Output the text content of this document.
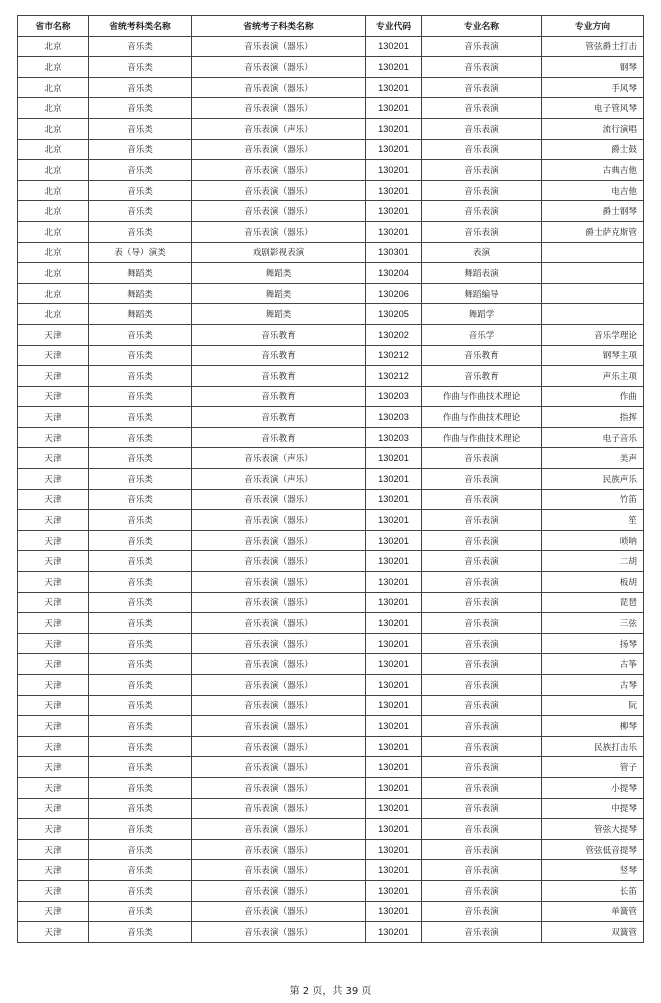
省市名称	省统考科类名称	省统考子科类名称	专业代码	专业名称	专业方向
北京	音乐类	音乐表演（器乐）	130201	音乐表演	管弦爵士打击
北京	音乐类	音乐表演（器乐）	130201	音乐表演	钢琴
北京	音乐类	音乐表演（器乐）	130201	音乐表演	手风琴
北京	音乐类	音乐表演（器乐）	130201	音乐表演	电子管风琴
北京	音乐类	音乐表演（声乐）	130201	音乐表演	流行演唱
北京	音乐类	音乐表演（器乐）	130201	音乐表演	爵士鼓
北京	音乐类	音乐表演（器乐）	130201	音乐表演	古典吉他
北京	音乐类	音乐表演（器乐）	130201	音乐表演	电吉他
北京	音乐类	音乐表演（器乐）	130201	音乐表演	爵士钢琴
北京	音乐类	音乐表演（器乐）	130201	音乐表演	爵士萨克斯管
北京	表（导）演类	戏剧影视表演	130301	表演	
北京	舞蹈类	舞蹈类	130204	舞蹈表演	
北京	舞蹈类	舞蹈类	130206	舞蹈编导	
北京	舞蹈类	舞蹈类	130205	舞蹈学	
天津	音乐类	音乐教育	130202	音乐学	音乐学理论
天津	音乐类	音乐教育	130212	音乐教育	钢琴主项
天津	音乐类	音乐教育	130212	音乐教育	声乐主项
天津	音乐类	音乐教育	130203	作曲与作曲技术理论	作曲
天津	音乐类	音乐教育	130203	作曲与作曲技术理论	指挥
天津	音乐类	音乐教育	130203	作曲与作曲技术理论	电子音乐
天津	音乐类	音乐表演（声乐）	130201	音乐表演	美声
天津	音乐类	音乐表演（声乐）	130201	音乐表演	民族声乐
天津	音乐类	音乐表演（器乐）	130201	音乐表演	竹笛
天津	音乐类	音乐表演（器乐）	130201	音乐表演	笙
天津	音乐类	音乐表演（器乐）	130201	音乐表演	唢呐
天津	音乐类	音乐表演（器乐）	130201	音乐表演	二胡
天津	音乐类	音乐表演（器乐）	130201	音乐表演	板胡
天津	音乐类	音乐表演（器乐）	130201	音乐表演	琵琶
天津	音乐类	音乐表演（器乐）	130201	音乐表演	三弦
天津	音乐类	音乐表演（器乐）	130201	音乐表演	扬琴
天津	音乐类	音乐表演（器乐）	130201	音乐表演	古筝
天津	音乐类	音乐表演（器乐）	130201	音乐表演	古琴
天津	音乐类	音乐表演（器乐）	130201	音乐表演	阮
天津	音乐类	音乐表演（器乐）	130201	音乐表演	柳琴
天津	音乐类	音乐表演（器乐）	130201	音乐表演	民族打击乐
天津	音乐类	音乐表演（器乐）	130201	音乐表演	管子
天津	音乐类	音乐表演（器乐）	130201	音乐表演	小提琴
天津	音乐类	音乐表演（器乐）	130201	音乐表演	中提琴
天津	音乐类	音乐表演（器乐）	130201	音乐表演	管弦大提琴
天津	音乐类	音乐表演（器乐）	130201	音乐表演	管弦低音提琴
天津	音乐类	音乐表演（器乐）	130201	音乐表演	竖琴
天津	音乐类	音乐表演（器乐）	130201	音乐表演	长笛
天津	音乐类	音乐表演（器乐）	130201	音乐表演	单簧管
天津	音乐类	音乐表演（器乐）	130201	音乐表演	双簧管
第 2 页，共 39 页
